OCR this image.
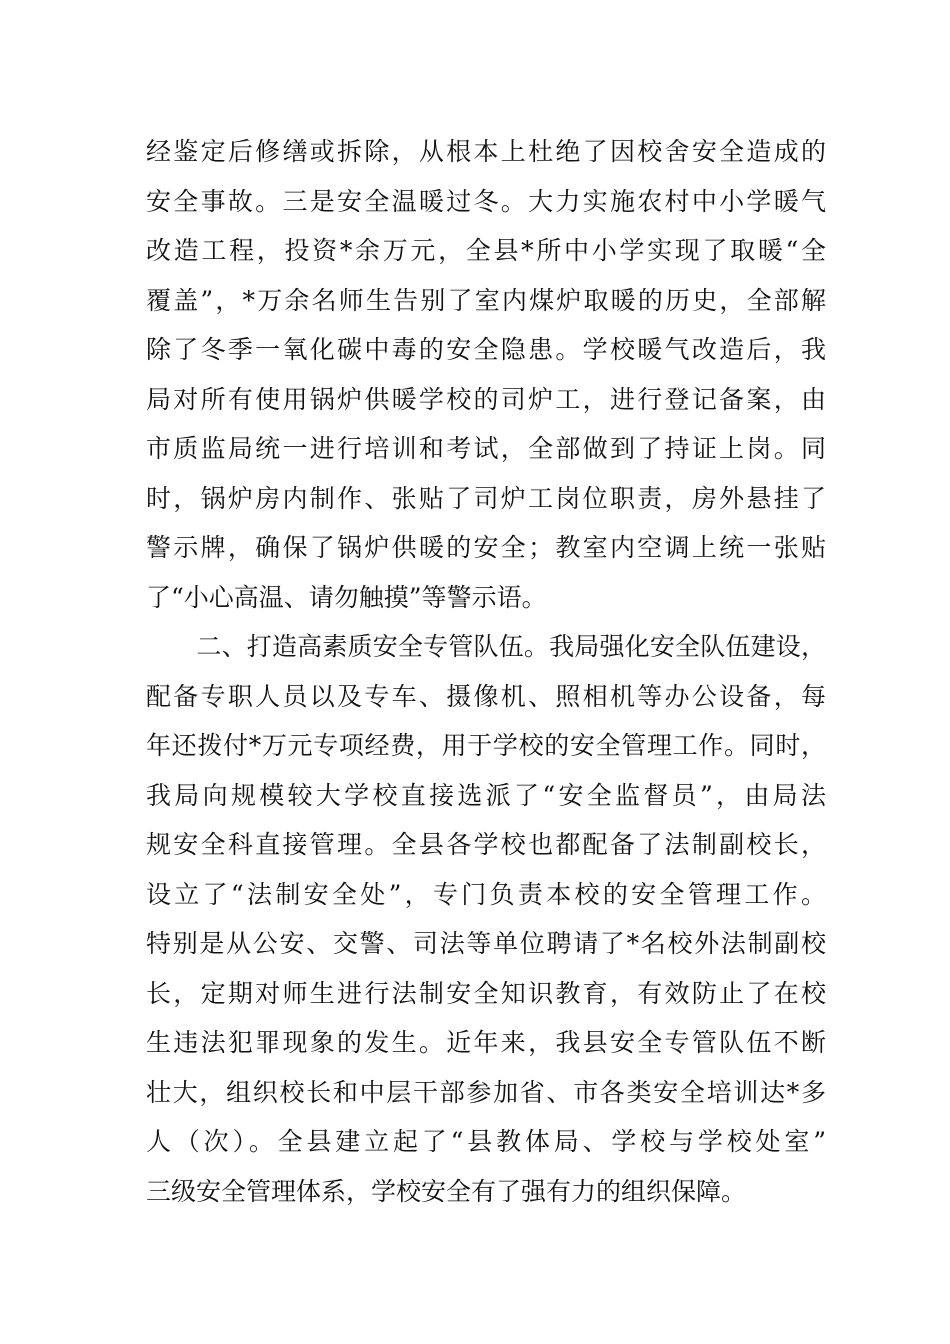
经鉴定后修缮或拆除，从根本上杜绝了因校舍安全造成的
安全事故。三是安全温暖过冬。大力实施农村中小学暖气
改造工程，投资*余万元，全县*所中小学实现了取暖“全
覆盖”，*万余名师生告别了室内煤炉取暖的历史，全部解
除了冬季一氧化碳中毒的安全隐患。学校暖气改造后，我
局对所有使用锅炉供暖学校的司炉工，进行登记备案，由
市质监局统一进行培训和考试，全部做到了持证上岗。同
时，锅炉房内制作、张贴了司炉工岗位职责，房外悬挂了
警示牌，确保了锅炉供暖的安全；教室内空调上统一张贴
了“小心高温、请勿触摸”等警示语。
　　二、打造高素质安全专管队伍。我局强化安全队伍建设，
配备专职人员以及专车、摄像机、照相机等办公设备，每
年还拨付*万元专项经费，用于学校的安全管理工作。同时，
我局向规模较大学校直接选派了“安全监督员”，由局法
规安全科直接管理。全县各学校也都配备了法制副校长，
设立了“法制安全处”，专门负责本校的安全管理工作。
特别是从公安、交警、司法等单位聘请了*名校外法制副校
长，定期对师生进行法制安全知识教育，有效防止了在校
生违法犯罪现象的发生。近年来，我县安全专管队伍不断
壮大，组织校长和中层干部参加省、市各类安全培训达*多
人（次）。全县建立起了“县教体局、学校与学校处室”
三级安全管理体系，学校安全有了强有力的组织保障。
